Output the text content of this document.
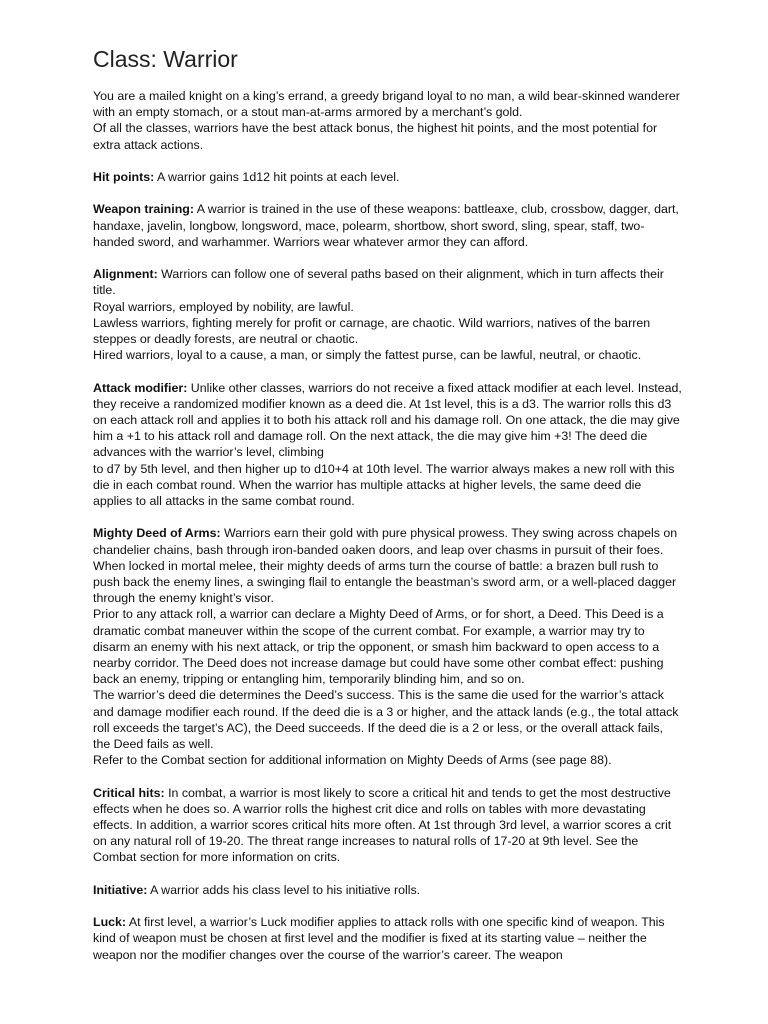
Class: Warrior

You are a mailed knight on a king’s errand, a greedy brigand loyal to no man, a wild bear-skinned wanderer with an empty stomach, or a stout man-at-arms armored by a merchant’s gold.

Of all the classes, warriors have the best attack bonus, the highest hit points, and the most potential for extra attack actions.

Hit points: A warrior gains 1d12 hit points at each level.

Weapon training: A warrior is trained in the use of these weapons: battleaxe, club, crossbow, dagger, dart, handaxe, javelin, longbow, longsword, mace, polearm, shortbow, short sword, sling, spear, staff, two-handed sword, and warhammer. Warriors wear whatever armor they can afford.

Alignment: Warriors can follow one of several paths based on their alignment, which in turn affects their title.

Royal warriors, employed by nobility, are lawful.

Lawless warriors, fighting merely for profit or carnage, are chaotic. Wild warriors, natives of the barren steppes or deadly forests, are neutral or chaotic.

Hired warriors, loyal to a cause, a man, or simply the fattest purse, can be lawful, neutral, or chaotic.

Attack modifier: Unlike other classes, warriors do not receive a fixed attack modifier at each level. Instead, they receive a randomized modifier known as a deed die. At 1st level, this is a d3. The warrior rolls this d3 on each attack roll and applies it to both his attack roll and his damage roll. On one attack, the die may give him a +1 to his attack roll and damage roll. On the next attack, the die may give him +3! The deed die advances with the warrior’s level, climbing

to d7 by 5th level, and then higher up to d10+4 at 10th level. The warrior always makes a new roll with this die in each combat round. When the warrior has multiple attacks at higher levels, the same deed die applies to all attacks in the same combat round.

Mighty Deed of Arms: Warriors earn their gold with pure physical prowess. They swing across chapels on chandelier chains, bash through iron-banded oaken doors, and leap over chasms in pursuit of their foes. When locked in mortal melee, their mighty deeds of arms turn the course of battle: a brazen bull rush to push back the enemy lines, a swinging flail to entangle the beastman’s sword arm, or a well-placed dagger through the enemy knight’s visor.

Prior to any attack roll, a warrior can declare a Mighty Deed of Arms, or for short, a Deed. This Deed is a dramatic combat maneuver within the scope of the current combat. For example, a warrior may try to disarm an enemy with his next attack, or trip the opponent, or smash him backward to open access to a nearby corridor. The Deed does not increase damage but could have some other combat effect: pushing back an enemy, tripping or entangling him, temporarily blinding him, and so on.

The warrior’s deed die determines the Deed’s success. This is the same die used for the warrior’s attack and damage modifier each round. If the deed die is a 3 or higher, and the attack lands (e.g., the total attack roll exceeds the target’s AC), the Deed succeeds. If the deed die is a 2 or less, or the overall attack fails, the Deed fails as well.

Refer to the Combat section for additional information on Mighty Deeds of Arms (see page 88).

Critical hits: In combat, a warrior is most likely to score a critical hit and tends to get the most destructive effects when he does so. A warrior rolls the highest crit dice and rolls on tables with more devastating effects. In addition, a warrior scores critical hits more often. At 1st through 3rd level, a warrior scores a crit on any natural roll of 19-20. The threat range increases to natural rolls of 17-20 at 9th level. See the Combat section for more information on crits.

Initiative: A warrior adds his class level to his initiative rolls.

Luck: At first level, a warrior’s Luck modifier applies to attack rolls with one specific kind of weapon. This kind of weapon must be chosen at first level and the modifier is fixed at its starting value – neither the weapon nor the modifier changes over the course of the warrior’s career. The weapon
